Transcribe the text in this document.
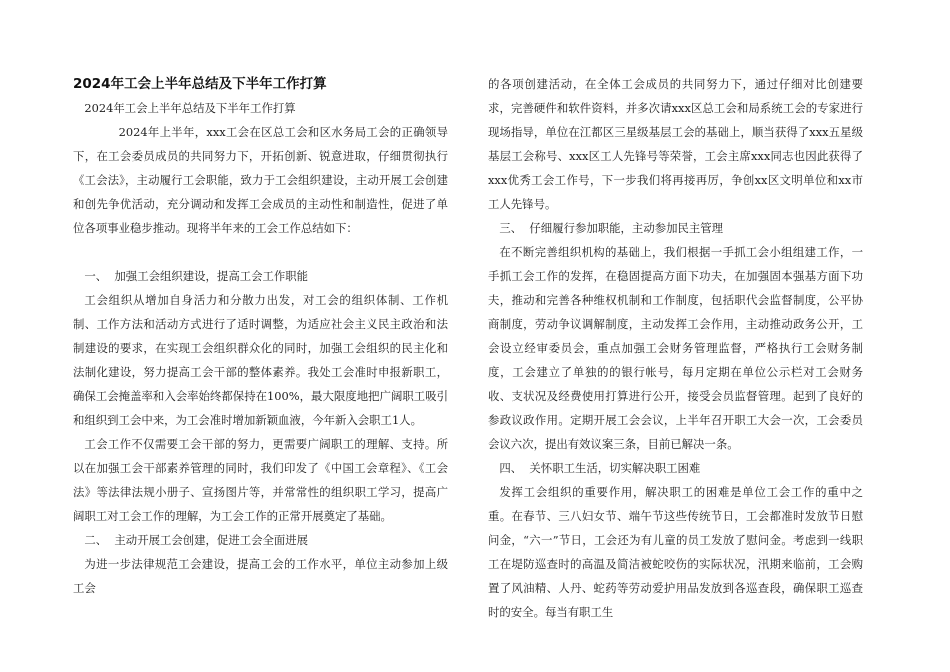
2024年工会上半年总结及下半年工作打算

2024年工会上半年总结及下半年工作打算

2024年上半年，xxx工会在区总工会和区水务局工会的正确领导下，在工会委员成员的共同努力下，开拓创新、锐意进取，仔细贯彻执行《工会法》，主动履行工会职能，致力于工会组织建设，主动开展工会创建和创先争优活动，充分调动和发挥工会成员的主动性和制造性，促进了单位各项事业稳步推动。现将半年来的工会工作总结如下：

一、  加强工会组织建设，提高工会工作职能

工会组织从增加自身活力和分散力出发，对工会的组织体制、工作机制、工作方法和活动方式进行了适时调整，为适应社会主义民主政治和法制建设的要求，在实现工会组织群众化的同时，加强工会组织的民主化和法制化建设，努力提高工会干部的整体素养。我处工会准时申报新职工，确保工会掩盖率和入会率始终都保持在100%，最大限度地把广阔职工吸引和组织到工会中来，为工会准时增加新颖血液，今年新入会职工1人。

工会工作不仅需要工会干部的努力，更需要广阔职工的理解、支持。所以在加强工会干部素养管理的同时，我们印发了《中国工会章程》、《工会法》等法律法规小册子、宣扬图片等，并常常性的组织职工学习，提高广阔职工对工会工作的理解，为工会工作的正常开展奠定了基础。

二、  主动开展工会创建，促进工会全面进展

为进一步法律规范工会建设，提高工会的工作水平，单位主动参加上级工会

的各项创建活动，在全体工会成员的共同努力下，通过仔细对比创建要求，完善硬件和软件资料，并多次请xxx区总工会和局系统工会的专家进行现场指导，单位在江都区三星级基层工会的基础上，顺当获得了xxx五星级基层工会称号、xxx区工人先锋号等荣誉，工会主席xxx同志也因此获得了xxx优秀工会工作号，下一步我们将再接再厉，争创xx区文明单位和xx市工人先锋号。

三、  仔细履行参加职能，主动参加民主管理

在不断完善组织机构的基础上，我们根据一手抓工会小组组建工作，一手抓工会工作的发挥，在稳固提高方面下功夫，在加强固本强基方面下功夫，推动和完善各种维权机制和工作制度，包括职代会监督制度，公平协商制度，劳动争议调解制度，主动发挥工会作用，主动推动政务公开，工会设立经审委员会，重点加强工会财务管理监督，严格执行工会财务制度，工会建立了单独的的银行帐号，每月定期在单位公示栏对工会财务收、支状况及经费使用打算进行公开，接受会员监督管理。起到了良好的参政议政作用。定期开展工会会议，上半年召开职工大会一次，工会委员会议六次，提出有效议案三条，目前已解决一条。

四、  关怀职工生活，切实解决职工困难

发挥工会组织的重要作用，解决职工的困难是单位工会工作的重中之重。在春节、三八妇女节、端午节这些传统节日，工会都准时发放节日慰问金，“六一”节日，工会还为有儿童的员工发放了慰问金。考虑到一线职工在堤防巡查时的高温及简洁被蛇咬伤的实际状况，汛期来临前，工会购置了风油精、人丹、蛇药等劳动爱护用品发放到各巡查段，确保职工巡查时的安全。每当有职工生
